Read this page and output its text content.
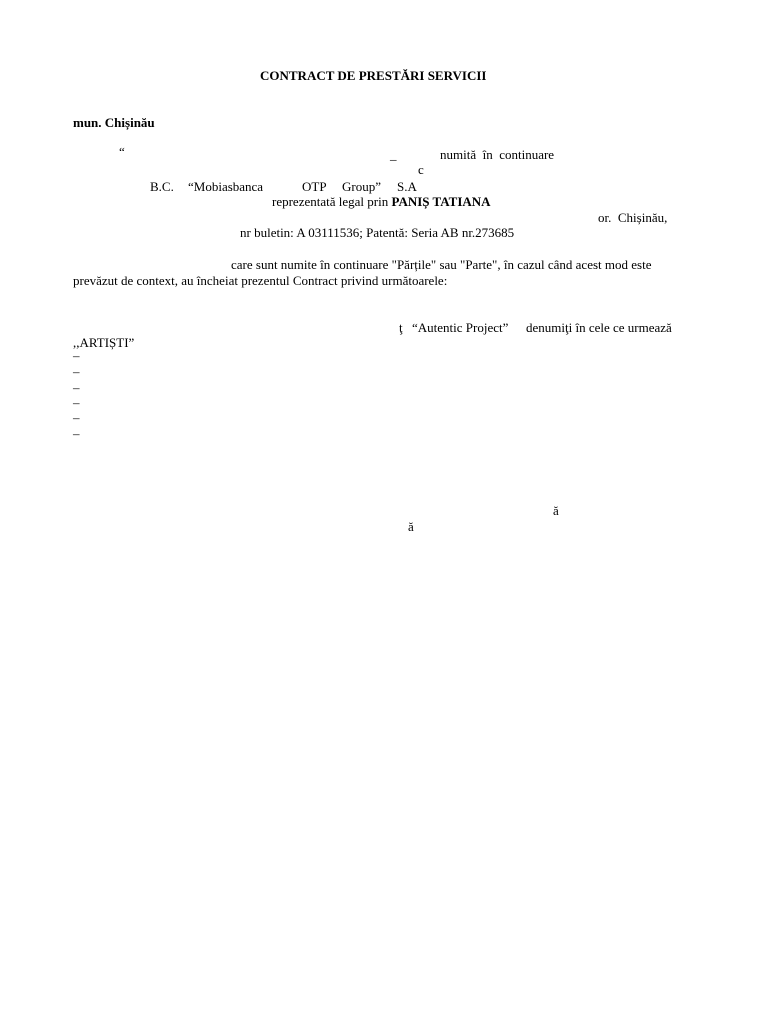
CONTRACT DE PRESTĂRI SERVICII
mun. Chișinău
“	_	numită  în  continuare
c
B.C. “Mobiasbanca	OTP Group” S.A
reprezentată legal prin PANIȘ TATIANA
or.  Chișinău,
nr buletin: A 03111536; Patentă: Seria AB nr.273685
care sunt numite în continuare "Părțile" sau "Parte", în cazul când acest mod este
prevăzut de context, au încheiat prezentul Contract privind următoarele:
ţ “Autentic Project” denumiţi în cele ce urmează
,,ARTIȘTI”
–
–
–
–
–
–
ă
ă
